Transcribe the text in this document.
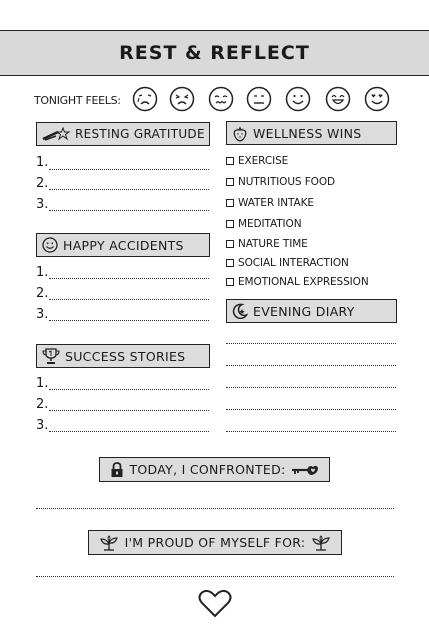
REST & REFLECT
TONIGHT FEELS:
RESTING GRATITUDE
1.
2.
3.
HAPPY ACCIDENTS
1.
2.
3.
SUCCESS STORIES
1.
2.
3.
WELLNESS WINS
EXERCISE
NUTRITIOUS FOOD
WATER INTAKE
MEDITATION
NATURE TIME
SOCIAL INTERACTION
EMOTIONAL EXPRESSION
EVENING DIARY
TODAY, I CONFRONTED:
I'M PROUD OF MYSELF FOR:
